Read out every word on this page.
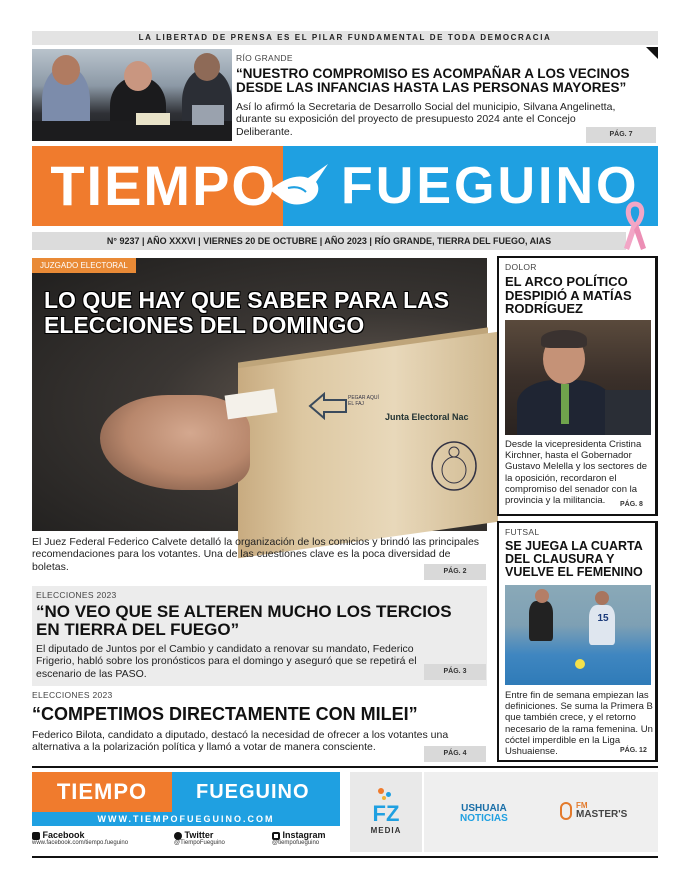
LA LIBERTAD DE PRENSA ES EL PILAR FUNDAMENTAL DE TODA DEMOCRACIA
RÍO GRANDE
“NUESTRO COMPROMISO ES ACOMPAÑAR A LOS VECINOS DESDE LAS INFANCIAS HASTA LAS PERSONAS MAYORES”
Así lo afirmó la Secretaria de Desarrollo Social del municipio, Silvana Angelinetta, durante su exposición del proyecto de presupuesto 2024 ante el Concejo Deliberante.	PÁG. 7
TIEMPO	FUEGUINO
N° 9237 | AÑO XXXVI | VIERNES 20 DE OCTUBRE | AÑO 2023 | RÍO GRANDE, TIERRA DEL FUEGO, AIAS
Junta Electoral Nac
PEGAR AQUÍ EL FAJ
JUZGADO ELECTORAL
LO QUE HAY QUE SABER PARA LAS ELECCIONES DEL DOMINGO
El Juez Federal Federico Calvete detalló la organización de los comicios y brindó las principales recomendaciones para los votantes. Una de las cuestiones clave es la poca diversidad de boletas.	PÁG. 2
ELECCIONES 2023
“NO VEO QUE SE ALTEREN MUCHO LOS TERCIOS EN TIERRA DEL FUEGO”
El diputado de Juntos por el Cambio y candidato a renovar su mandato, Federico Frigerio, habló sobre los pronósticos para el domingo y aseguró que se repetirá el escenario de las PASO.	PÁG. 3
ELECCIONES 2023
“COMPETIMOS DIRECTAMENTE CON MILEI”
Federico Bilota, candidato a diputado, destacó la necesidad de ofrecer a los votantes una alternativa a la polarización política y llamó a votar de manera consciente.
PÁG. 4
DOLOR
EL ARCO POLÍTICO DESPIDIÓ A MATÍAS RODRÍGUEZ
Desde la vicepresidenta Cristina Kirchner, hasta el Gobernador Gustavo Melella y los sectores de la oposición, recordaron el compromiso del senador con la provincia y la militancia.	PÁG. 8
FUTSAL
SE JUEGA LA CUARTA DEL CLAUSURA Y VUELVE EL FEMENINO
15
Entre fin de semana empiezan las definiciones. Se suma la Primera B que también crece, y el retorno necesario de la rama femenina. Un cóctel imperdible en la Liga Ushuaiense.	PÁG. 12
TIEMPO	FUEGUINO
WWW.TIEMPOFUEGUINO.COM
Facebook
www.facebook.com/tiempo.fueguino
Twitter
@TiempoFueguino
Instagram
@tiempofueguino
FZ
MEDIA
USHUAIA
NOTICIAS
FM
MASTER'S
